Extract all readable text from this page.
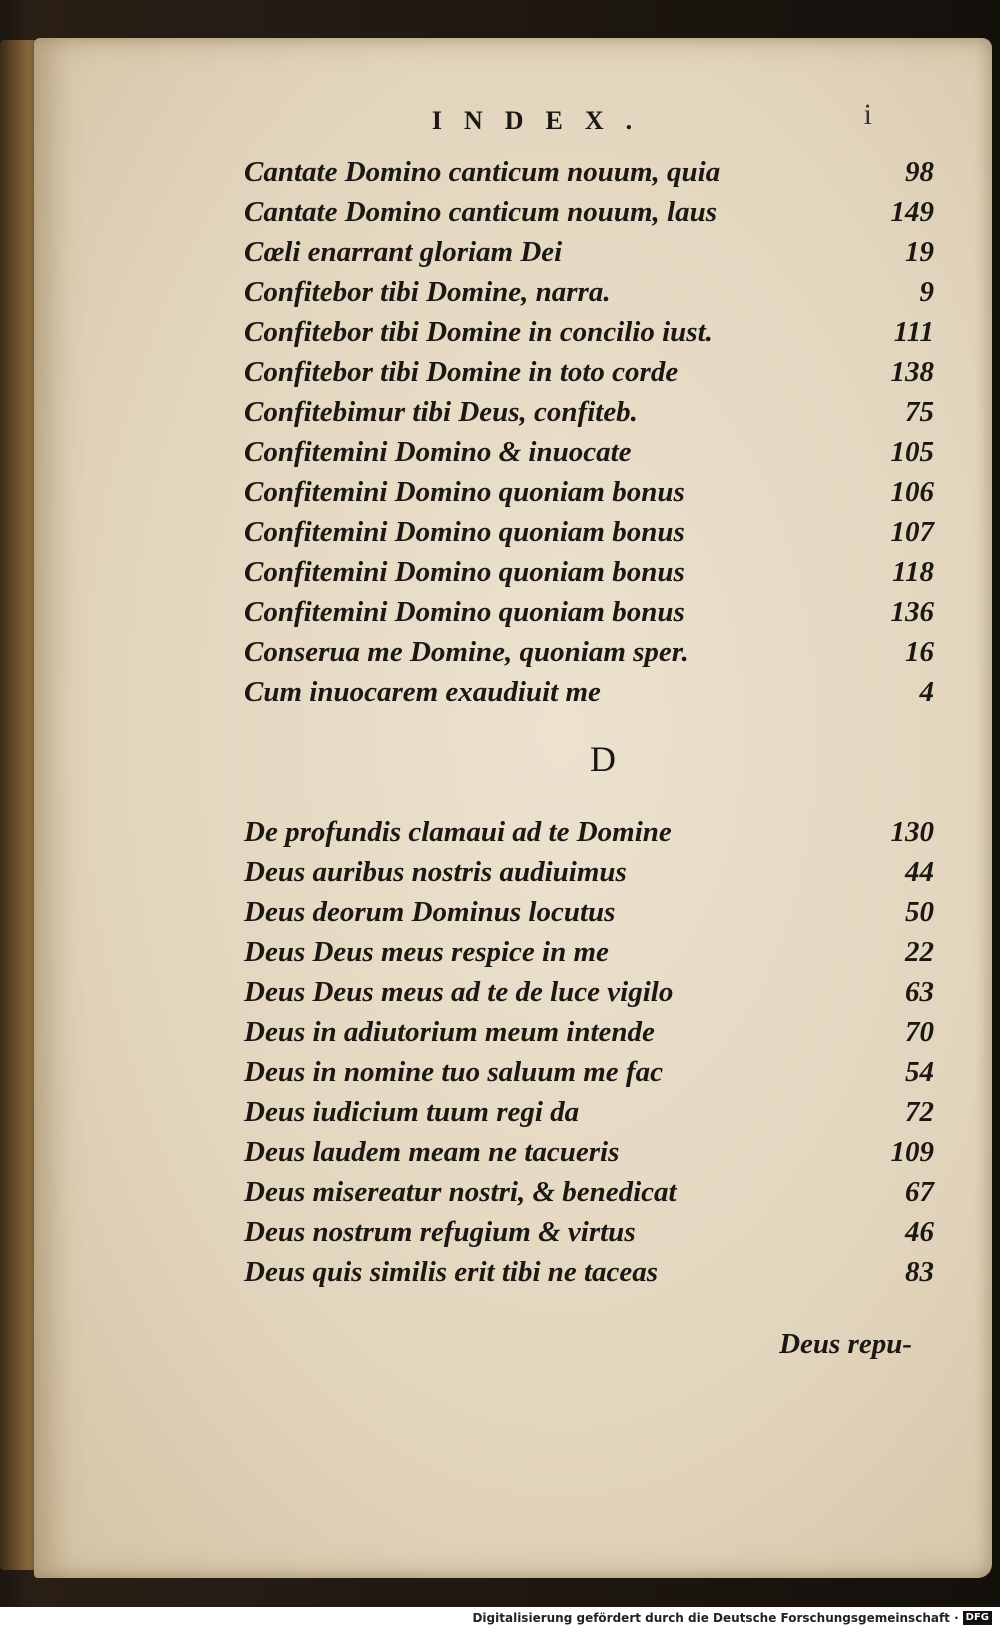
INDEX.	i
Cantate Domino canticum nouum, quia	98
Cantate Domino canticum nouum, laus	149
Cœli enarrant gloriam Dei	19
Confitebor tibi Domine, narra.	9
Confitebor tibi Domine in concilio iust.	111
Confitebor tibi Domine in toto corde	138
Confitebimur tibi Deus, confiteb.	75
Confitemini Domino & inuocate	105
Confitemini Domino quoniam bonus	106
Confitemini Domino quoniam bonus	107
Confitemini Domino quoniam bonus	118
Confitemini Domino quoniam bonus	136
Conserua me Domine, quoniam sper.	16
Cum inuocarem exaudiuit me	4
D
De profundis clamaui ad te Domine	130
Deus auribus nostris audiuimus	44
Deus deorum Dominus locutus	50
Deus Deus meus respice in me	22
Deus Deus meus ad te de luce vigilo	63
Deus in adiutorium meum intende	70
Deus in nomine tuo saluum me fac	54
Deus iudicium tuum regi da	72
Deus laudem meam ne tacueris	109
Deus misereatur nostri, & benedicat	67
Deus nostrum refugium & virtus	46
Deus quis similis erit tibi ne taceas	83
Deus repu-
Digitalisierung gefördert durch die Deutsche Forschungsgemeinschaft · DFG
